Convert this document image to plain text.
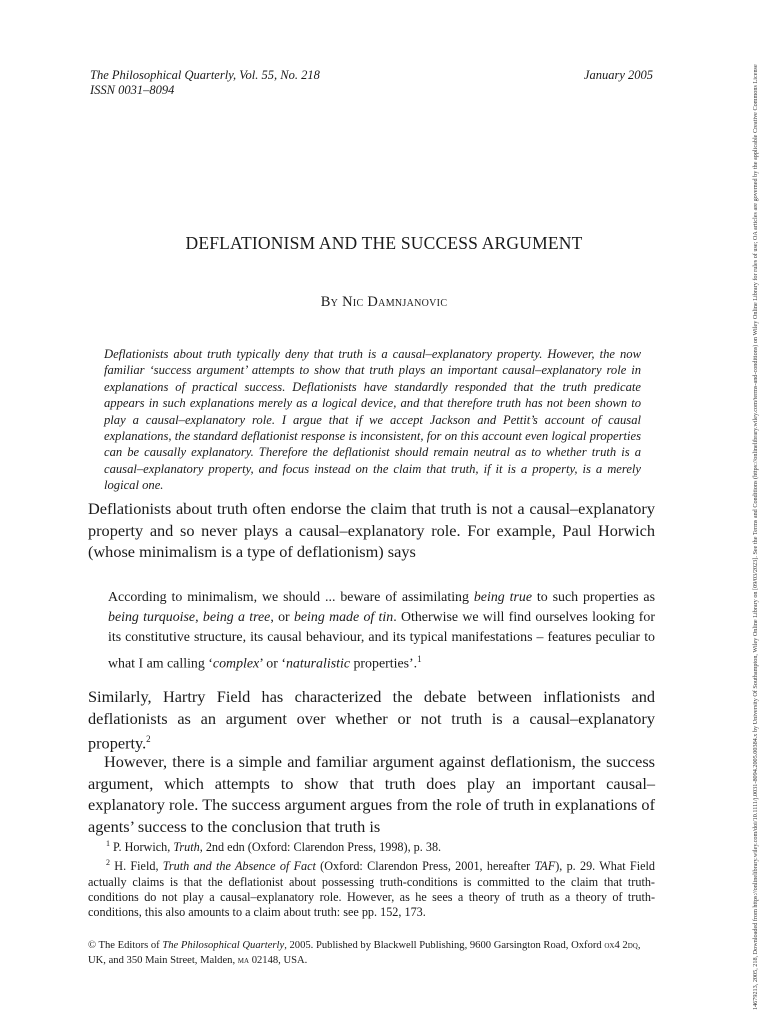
The Philosophical Quarterly, Vol. 55, No. 218
ISSN 0031–8094
January 2005	14679213, 2005, 218, Downloaded from https://onlinelibrary.wiley.com/doi/10.1111/j.0031-8094.2005.00384.x by University Of Southampton, Wiley Online Library on [09/03/2023]. See the Terms and Conditions (https://onlinelibrary.wiley.com/terms-and-conditions) on Wiley Online Library for rules of use; OA articles are governed by the applicable Creative Commons License
DEFLATIONISM AND THE SUCCESS ARGUMENT
By Nic Damnjanovic
Deflationists about truth typically deny that truth is a causal–explanatory property. However, the now familiar ‘success argument’ attempts to show that truth plays an important causal–explanatory role in explanations of practical success. Deflationists have standardly responded that the truth predicate appears in such explanations merely as a logical device, and that therefore truth has not been shown to play a causal–explanatory role. I argue that if we accept Jackson and Pettit’s account of causal explanations, the standard deflationist response is inconsistent, for on this account even logical properties can be causally explanatory. Therefore the deflationist should remain neutral as to whether truth is a causal–explanatory property, and focus instead on the claim that truth, if it is a property, is a merely logical one.
Deflationists about truth often endorse the claim that truth is not a causal–explanatory property and so never plays a causal–explanatory role. For example, Paul Horwich (whose minimalism is a type of deflationism) says
According to minimalism, we should ... beware of assimilating being true to such properties as being turquoise, being a tree, or being made of tin. Otherwise we will find ourselves looking for its constitutive structure, its causal behaviour, and its typical manifestations – features peculiar to what I am calling ‘complex’ or ‘naturalistic properties’.$^1$
Similarly, Hartry Field has characterized the debate between inflationists and deflationists as an argument over whether or not truth is a causal–explanatory property.$^2$
However, there is a simple and familiar argument against deflationism, the success argument, which attempts to show that truth does play an important causal–explanatory role. The success argument argues from the role of truth in explanations of agents’ success to the conclusion that truth is

$^1$ P. Horwich, Truth, 2nd edn (Oxford: Clarendon Press, 1998), p. 38.

$^2$ H. Field, Truth and the Absence of Fact (Oxford: Clarendon Press, 2001, hereafter TAF), p. 29. What Field actually claims is that the deflationist about possessing truth-conditions is committed to the claim that truth-conditions do not play a causal–explanatory role. However, as he sees a theory of truth as a theory of truth-conditions, this also amounts to a claim about truth: see pp. 152, 173.

© The Editors of The Philosophical Quarterly, 2005. Published by Blackwell Publishing, 9600 Garsington Road, Oxford ox4 2dq, UK, and 350 Main Street, Malden, ma 02148, USA.
